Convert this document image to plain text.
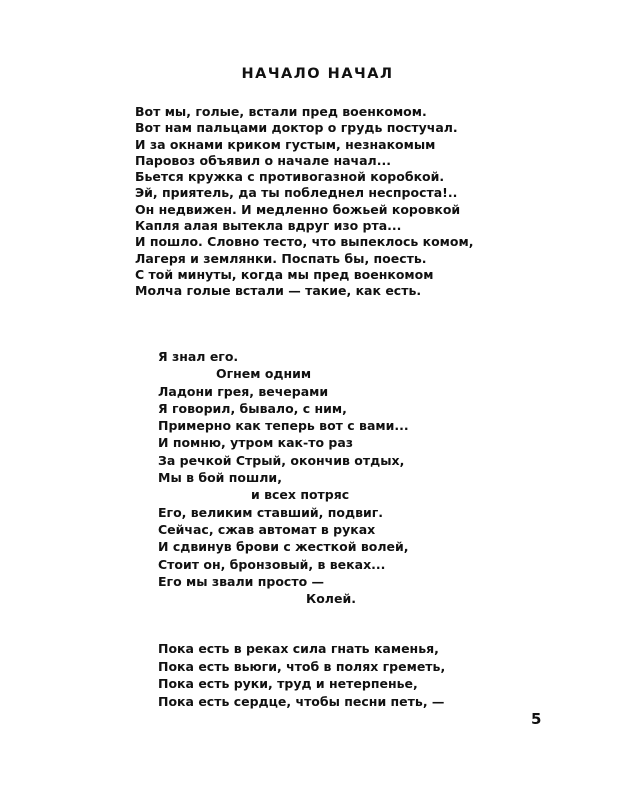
НАЧАЛО НАЧАЛ
Вот мы, голые, встали пред военкомом.
Вот нам пальцами доктор о грудь постучал.
И за окнами криком густым, незнакомым
Паровоз объявил о начале начал...
Бьется кружка с противогазной коробкой.
Эй, приятель, да ты побледнел неспроста!..
Он недвижен. И медленно божьей коровкой
Капля алая вытекла вдруг изо рта...
И пошло. Словно тесто, что выпеклось комом,
Лагеря и землянки. Поспать бы, поесть.
С той минуты, когда мы пред военкомом
Молча голые встали — такие, как есть.
Я знал его.
Огнем одним
Ладони грея, вечерами
Я говорил, бывало, с ним,
Примерно как теперь вот с вами...
И помню, утром как-то раз
За речкой Стрый, окончив отдых,
Мы в бой пошли,
и всех потряс
Его, великим ставший, подвиг.
Сейчас, сжав автомат в руках
И сдвинув брови с жесткой волей,
Стоит он, бронзовый, в веках...
Его мы звали просто —
Колей.
Пока есть в реках сила гнать каменья,
Пока есть вьюги, чтоб в полях греметь,
Пока есть руки, труд и нетерпенье,
Пока есть сердце, чтобы песни петь, —
5
